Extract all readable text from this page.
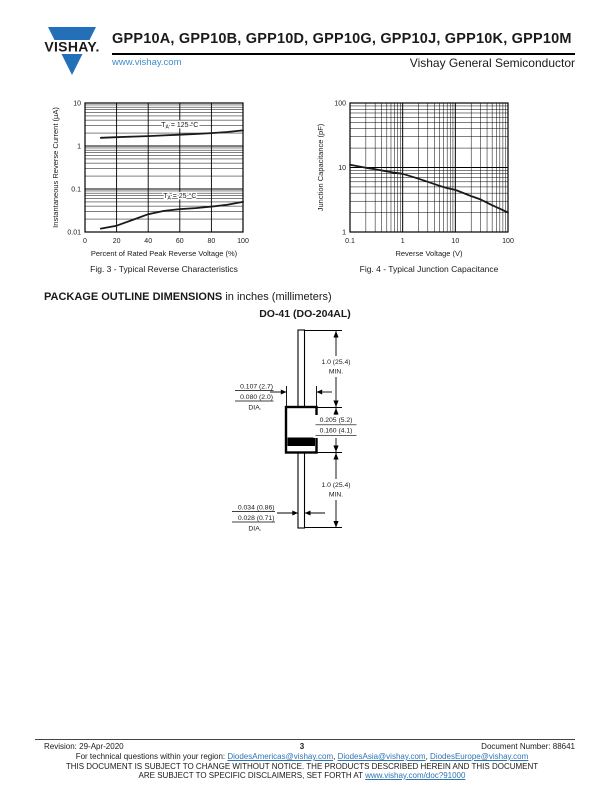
VISHAY. GPP10A, GPP10B, GPP10D, GPP10G, GPP10J, GPP10K, GPP10M
www.vishay.com	Vishay General Semiconductor
0.01
0.1
1
10
0	20	40	60	80	100
Percent of Rated Peak Reverse Voltage (%)
Instantaneous Reverse Current (µA)	$T_A = 125$ °C
$T_A = 25$ °C
Fig. 3 - Typical Reverse Characteristics
1
10
100
0.1	1	10	100
Reverse Voltage (V)
Junction Capacitance (pF)
Fig. 4 - Typical Junction Capacitance
PACKAGE OUTLINE DIMENSIONS in inches (millimeters)
DO-41 (DO-204AL)
1.0 (25.4)
MIN.
0.205 (5.2)
0.160 (4.1)
1.0 (25.4)
MIN.
0.107 (2.7)
0.080 (2.0)
DIA.
0.034 (0.86)
0.028 (0.71)
DIA.
Revision: 29-Apr-2020	3	Document Number: 88641
For technical questions within your region: DiodesAmericas@vishay.com, DiodesAsia@vishay.com, DiodesEurope@vishay.com
THIS DOCUMENT IS SUBJECT TO CHANGE WITHOUT NOTICE. THE PRODUCTS DESCRIBED HEREIN AND THIS DOCUMENT
ARE SUBJECT TO SPECIFIC DISCLAIMERS, SET FORTH AT www.vishay.com/doc?91000
